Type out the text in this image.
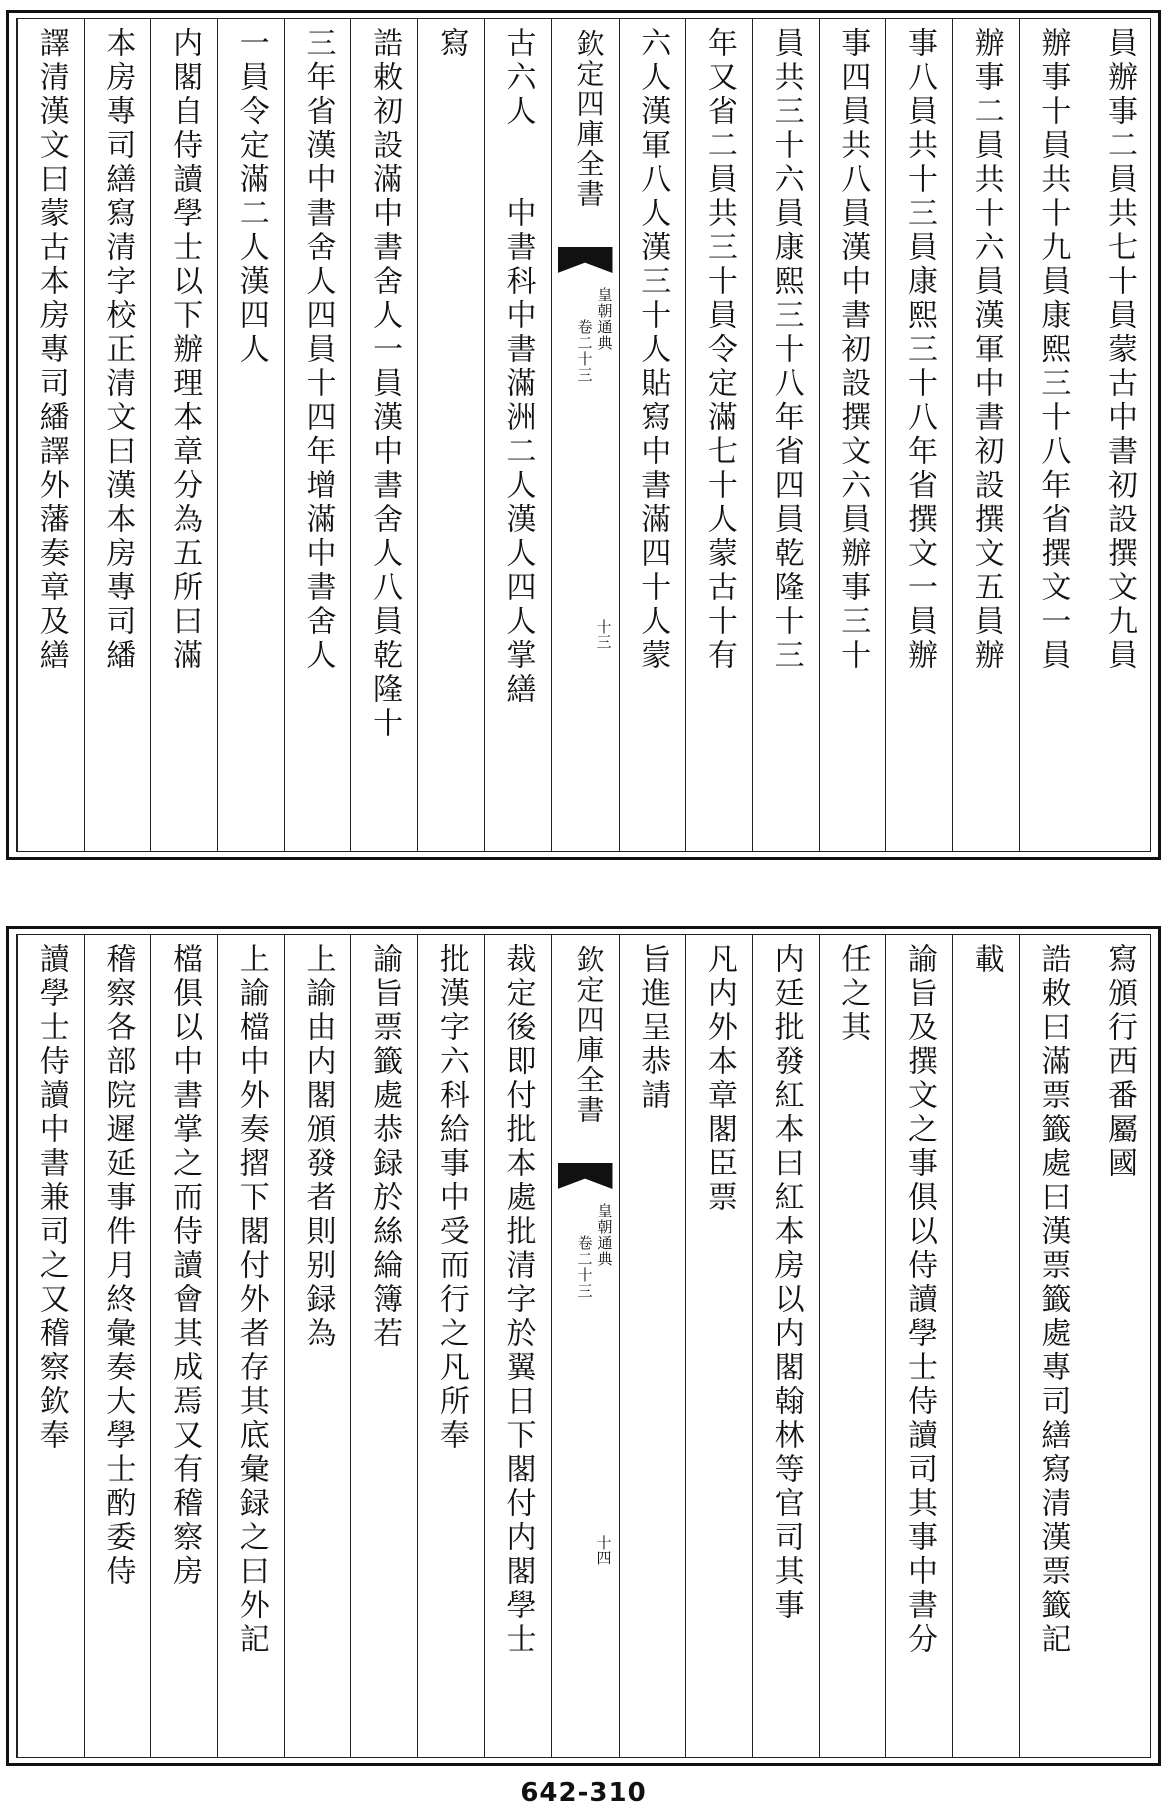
員辦事二員共七十員蒙古中書初設撰文九員
辦事十員共十九員康熙三十八年省撰文一員
辦事二員共十六員漢軍中書初設撰文五員辦
事八員共十三員康熙三十八年省撰文一員辦
事四員共八員漢中書初設撰文六員辦事三十
員共三十六員康熙三十八年省四員乾隆十三
年又省二員共三十員令定滿七十人蒙古十有
六人漢軍八人漢三十人貼寫中書滿四十人蒙
欽定四庫全書
皇朝通典
卷二十三
十三
古六人　　中書科中書滿洲二人漢人四人掌繕
寫
誥敕初設滿中書舍人一員漢中書舍人八員乾隆十
三年省漢中書舍人四員十四年增滿中書舍人
一員令定滿二人漢四人
内閣自侍讀學士以下辦理本章分為五所曰滿
本房專司繕寫清字校正清文曰漢本房專司繙
譯清漢文曰蒙古本房專司繙譯外藩奏章及繕
寫頒行西番屬國
誥敕曰滿票籤處曰漢票籤處專司繕寫清漢票籤記
載
諭旨及撰文之事俱以侍讀學士侍讀司其事中書分
任之其
内廷批發紅本曰紅本房以内閣翰林等官司其事
凡内外本章閣臣票
旨進呈恭請
欽定四庫全書
皇朝通典
卷二十三
十四
裁定後即付批本處批清字於翼日下閣付内閣學士
批漢字六科給事中受而行之凡所奉
諭旨票籤處恭録於絲綸簿若
上諭由内閣頒發者則别録為
上諭檔中外奏摺下閣付外者存其底彙録之曰外記
檔俱以中書掌之而侍讀會其成焉又有稽察房
稽察各部院遲延事件月終彙奏大學士酌委侍
讀學士侍讀中書兼司之又稽察欽奉
642-310
